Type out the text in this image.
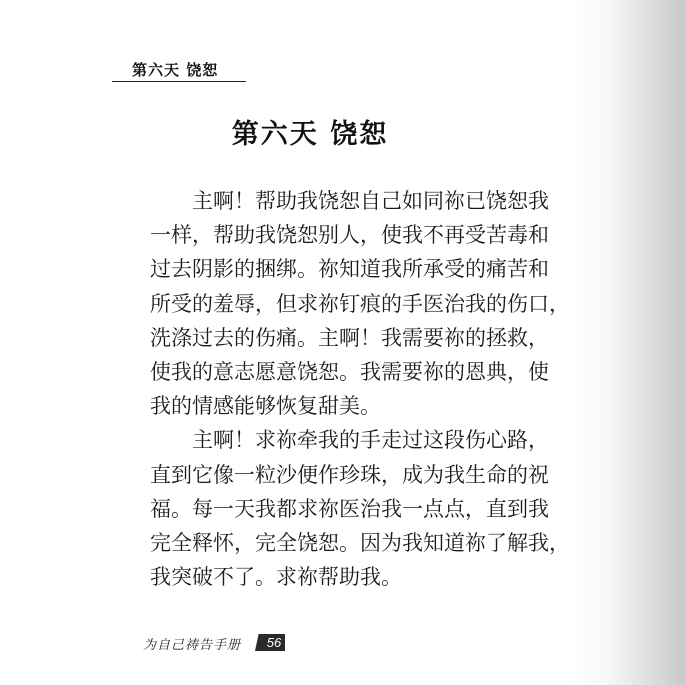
第六天 饶恕
第六天 饶恕
主啊！帮助我饶恕自己如同祢已饶恕我
一样，帮助我饶恕别人，使我不再受苦毒和
过去阴影的捆绑。祢知道我所承受的痛苦和
所受的羞辱，但求祢钉痕的手医治我的伤口，
洗涤过去的伤痛。主啊！我需要祢的拯救，
使我的意志愿意饶恕。我需要祢的恩典，使
我的情感能够恢复甜美。
主啊！求祢牵我的手走过这段伤心路，
直到它像一粒沙便作珍珠，成为我生命的祝
福。每一天我都求祢医治我一点点，直到我
完全释怀，完全饶恕。因为我知道祢了解我，
我突破不了。求祢帮助我。
为自己祷告手册	56
